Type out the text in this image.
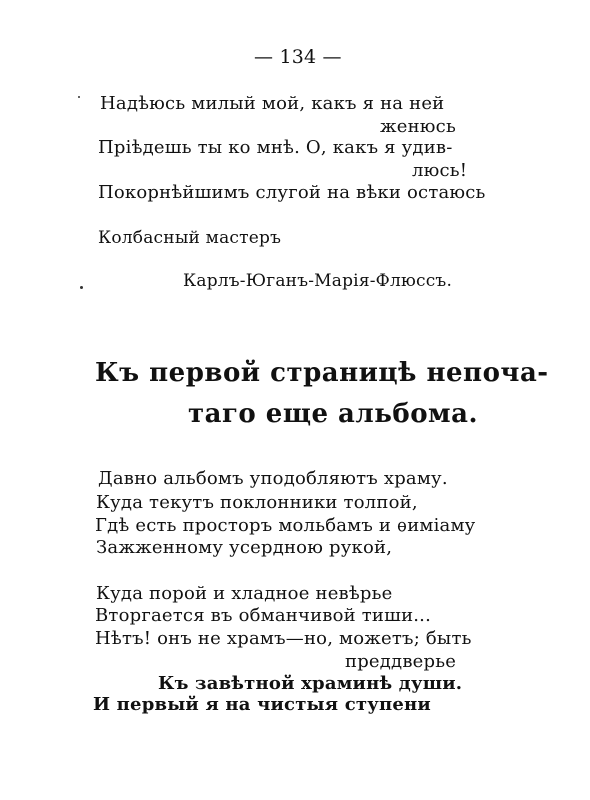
— 134 —
Надѣюсь милый мой, какъ я на ней
женюсь
Пріѣдешь ты ко мнѣ. О, какъ я удив-
люсь!
Покорнѣйшимъ слугой на вѣки остаюсь
Колбасный мастеръ
Карлъ-Юганъ-Марія-Флюссъ.
Къ первой страницѣ непоча-
таго еще альбома.
Давно альбомъ уподобляютъ храму.
Куда текутъ поклонники толпой,
Гдѣ есть просторъ мольбамъ и ѳиміаму
Зажженному усердною рукой,
Куда порой и хладное невѣрье
Вторгается въ обманчивой тиши...
Нѣтъ! онъ не храмъ—но, можетъ; быть
преддверье
Къ завѣтной храминѣ души.
И первый я на чистыя ступени
